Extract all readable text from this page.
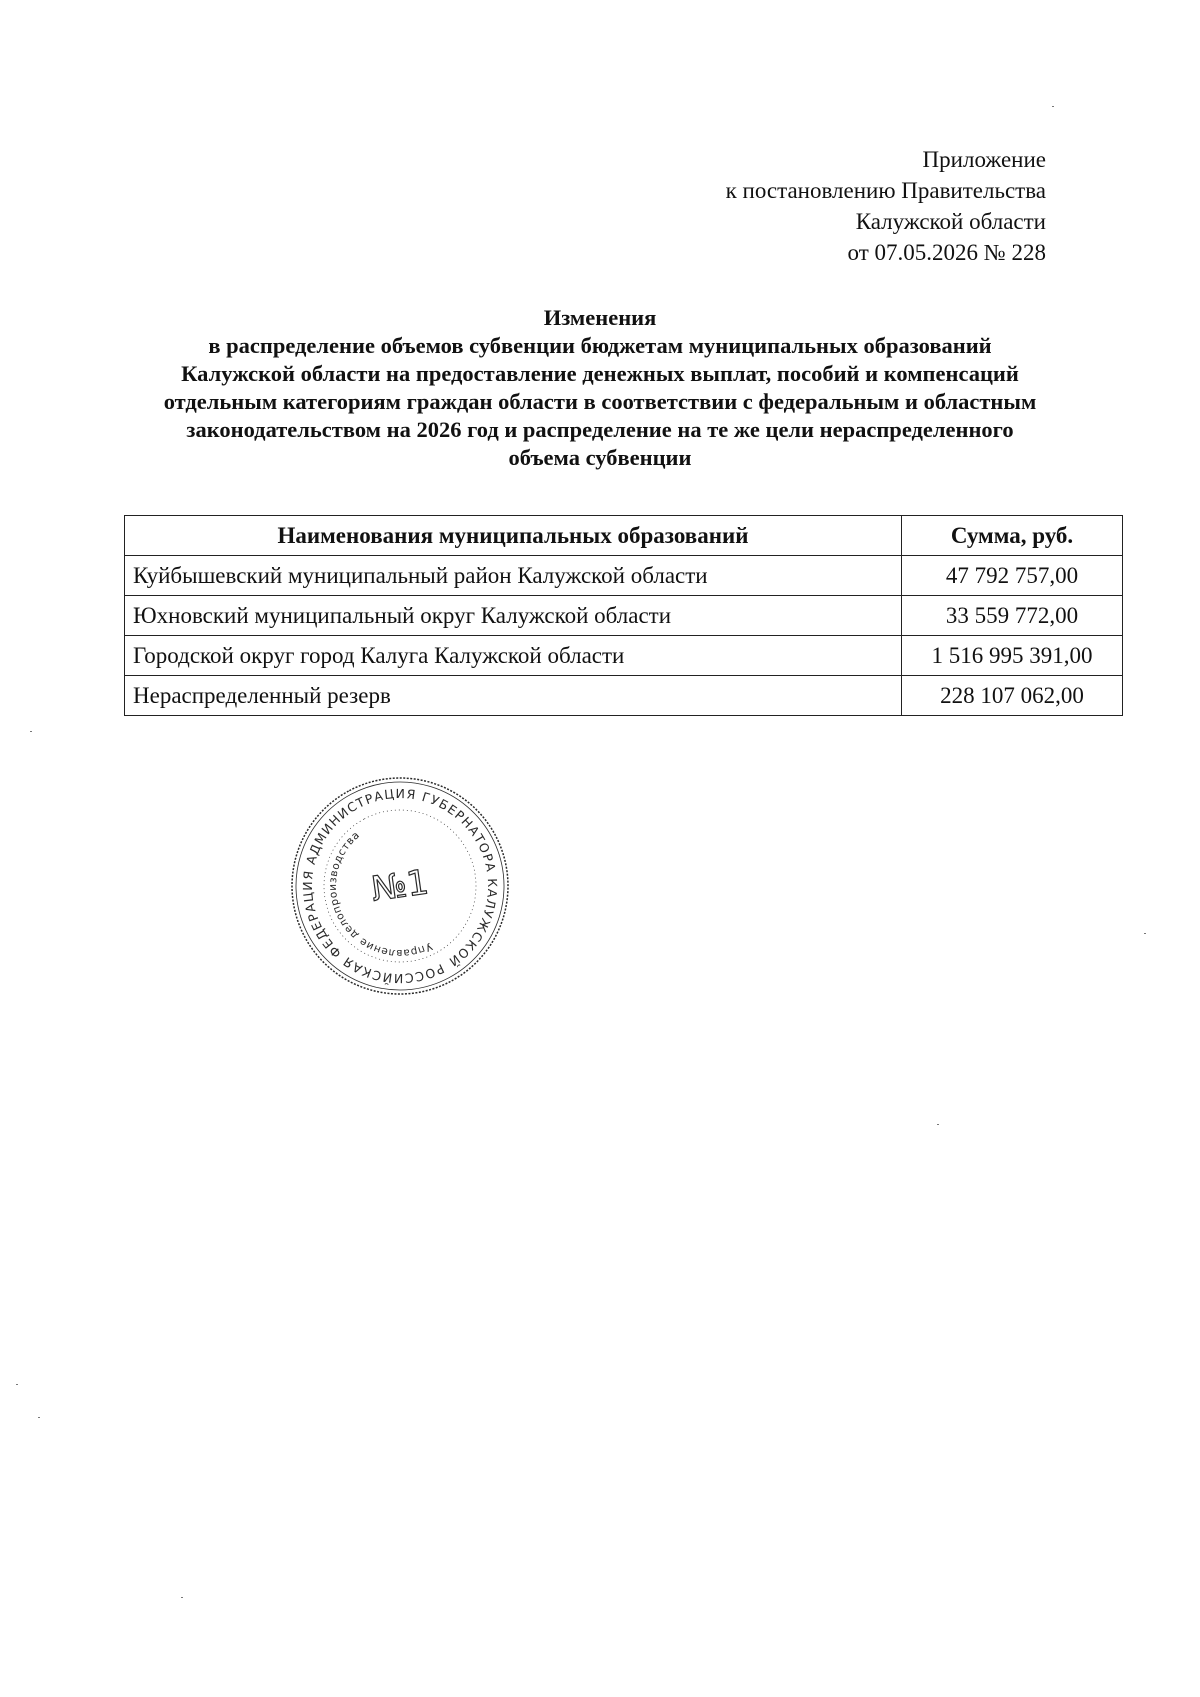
Приложение
к постановлению Правительства
Калужской области
от 07.05.2026 № 228
Изменения
в распределение объемов субвенции бюджетам муниципальных образований
Калужской области на предоставление денежных выплат, пособий и компенсаций
отдельным категориям граждан области в соответствии с федеральным и областным
законодательством на 2026 год и распределение на те же цели нераспределенного
объема субвенции
Наименования муниципальных образований	Сумма, руб.
Куйбышевский муниципальный район Калужской области	47 792 757,00
Юхновский муниципальный округ Калужской области	33 559 772,00
Городской округ город Калуга Калужской области	1 516 995 391,00
Нераспределенный резерв	228 107 062,00
РОССИЙСКАЯ ФЕДЕРАЦИЯ АДМИНИСТРАЦИЯ ГУБЕРНАТОРА КАЛУЖСКОЙ
Управление делопроизводства
№1
